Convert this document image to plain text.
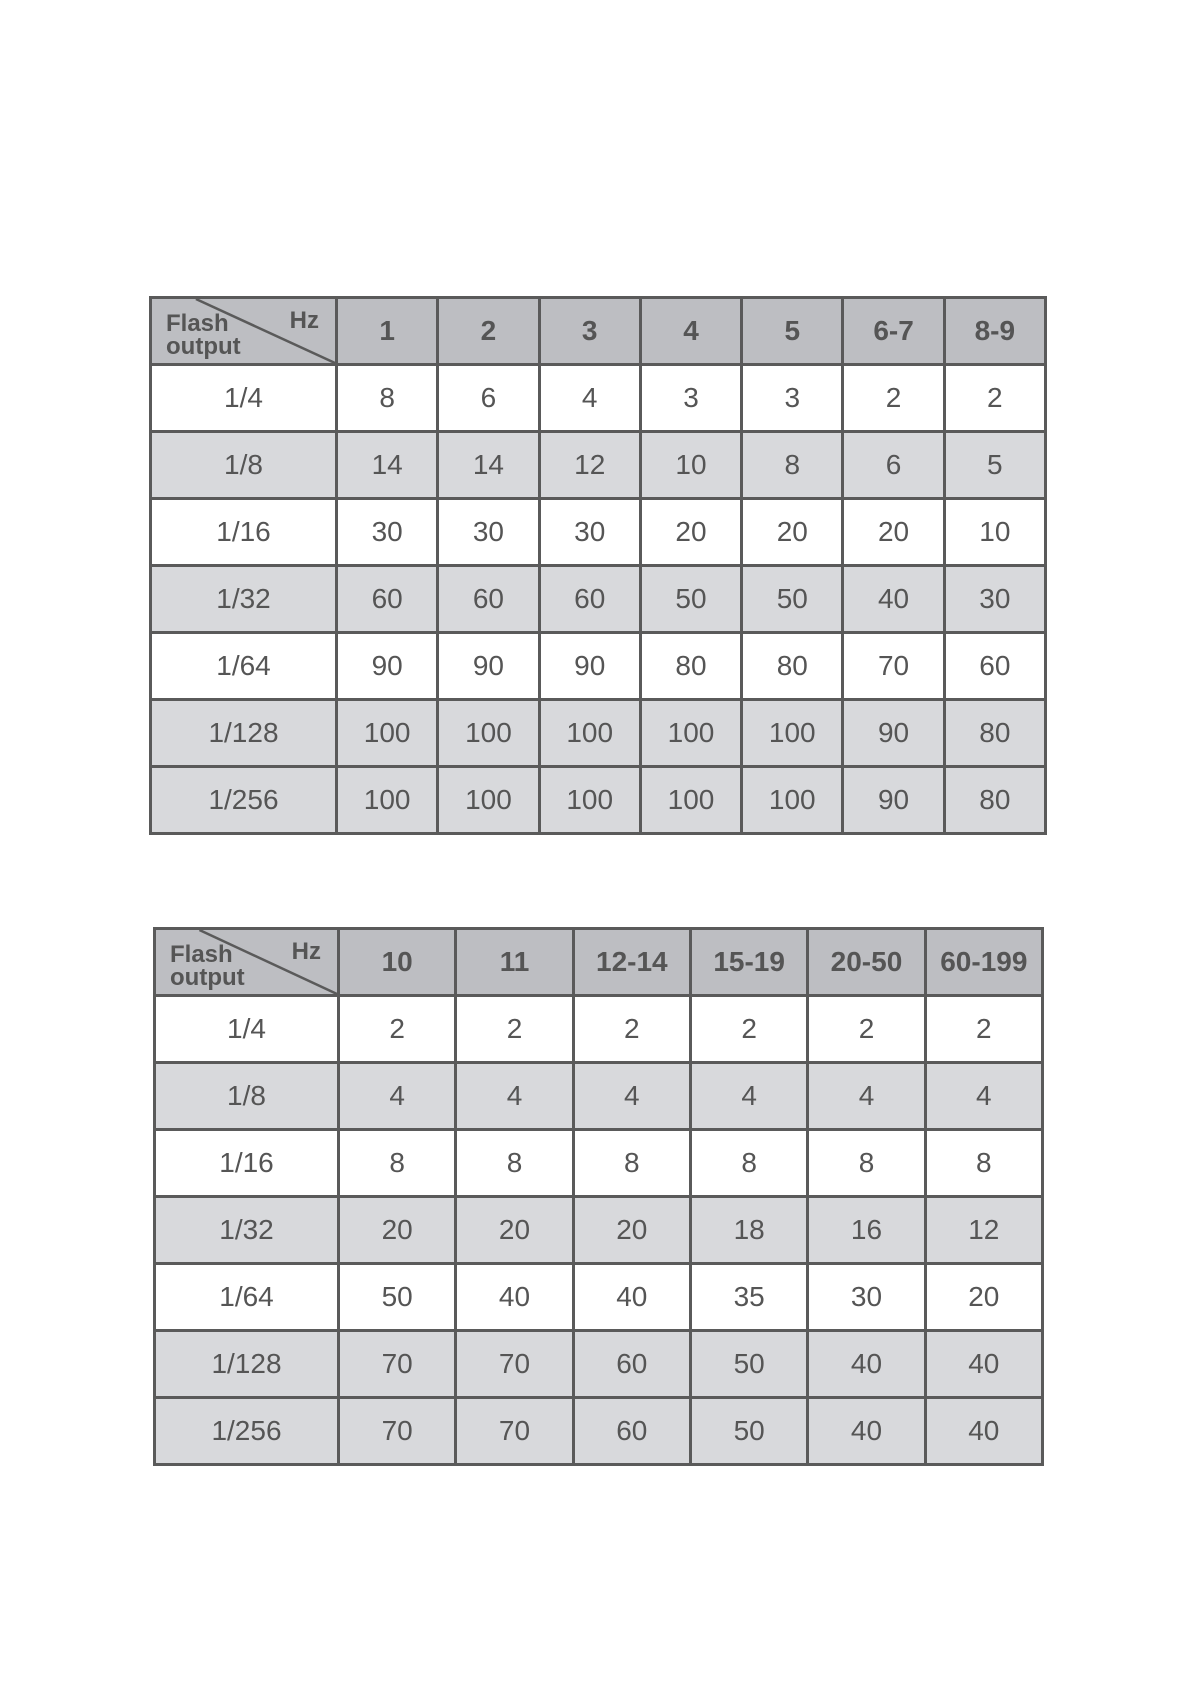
Hz
Flash
output	1	2	3	4	5	6-7	8-9
1/4	8	6	4	3	3	2	2
1/8	14	14	12	10	8	6	5
1/16	30	30	30	20	20	20	10
1/32	60	60	60	50	50	40	30
1/64	90	90	90	80	80	70	60
1/128	100	100	100	100	100	90	80
1/256	100	100	100	100	100	90	80
Hz
Flash
output	10	11	12-14	15-19	20-50	60-199
1/4	2	2	2	2	2	2
1/8	4	4	4	4	4	4
1/16	8	8	8	8	8	8
1/32	20	20	20	18	16	12
1/64	50	40	40	35	30	20
1/128	70	70	60	50	40	40
1/256	70	70	60	50	40	40
